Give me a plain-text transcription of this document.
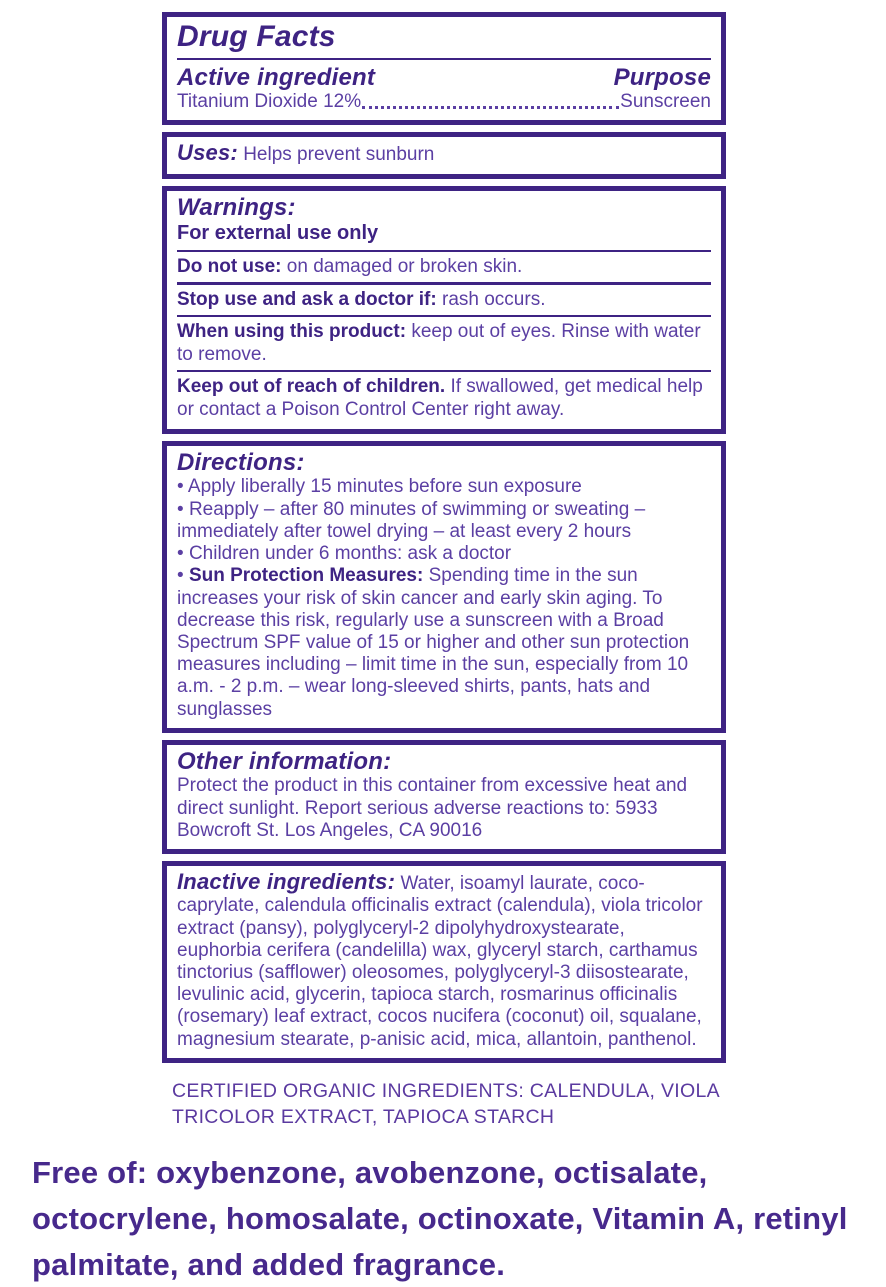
Drug Facts
Active ingredient	Purpose
Titanium Dioxide 12%	Sunscreen

Uses: Helps prevent sunburn

Warnings:
For external use only

Do not use: on damaged or broken skin.

Stop use and ask a doctor if: rash occurs.

When using this product: keep out of eyes. Rinse with water to remove.

Keep out of reach of children. If swallowed, get medical help or contact a Poison Control Center right away.

Directions:

• Apply liberally 15 minutes before sun exposure

• Reapply – after 80 minutes of swimming or sweating – immediately after towel drying – at least every 2 hours

• Children under 6 months: ask a doctor

• Sun Protection Measures: Spending time in the sun increases your risk of skin cancer and early skin aging. To decrease this risk, regularly use a sunscreen with a Broad Spectrum SPF value of 15 or higher and other sun protection measures including – limit time in the sun, especially from 10 a.m. - 2 p.m. – wear long-sleeved shirts, pants, hats and sunglasses

Other information:

Protect the product in this container from excessive heat and direct sunlight. Report serious adverse reactions to: 5933 Bowcroft St. Los Angeles, CA 90016

Inactive ingredients: Water, isoamyl laurate, coco-caprylate, calendula officinalis extract (calendula), viola tricolor extract (pansy), polyglyceryl-2 dipolyhydroxystearate, euphorbia cerifera (candelilla) wax, glyceryl starch, carthamus tinctorius (safflower) oleosomes, polyglyceryl-3 diisostearate, levulinic acid, glycerin, tapioca starch, rosmarinus officinalis (rosemary) leaf extract, cocos nucifera (coconut) oil, squalane, magnesium stearate, p-anisic acid, mica, allantoin, panthenol.

CERTIFIED ORGANIC INGREDIENTS: CALENDULA, VIOLA TRICOLOR EXTRACT, TAPIOCA STARCH

Free of: oxybenzone, avobenzone, octisalate, octocrylene, homosalate, octinoxate, Vitamin A, retinyl palmitate, and added fragrance.
